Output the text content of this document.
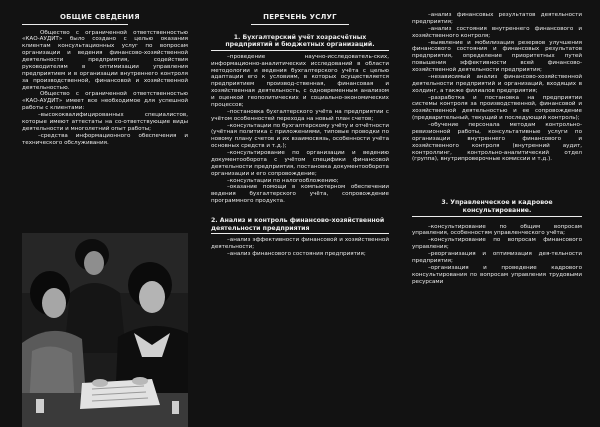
ОБЩИЕ СВЕДЕНИЯ

Общество с ограниченной ответственностью «КАО-АУДИТ» было создано с целью оказания клиентам консультационных услуг по вопросам организации и ведения финансово-хозяйственной деятельности предприятия, содействия руководителям в оптимизации управления предприятием и в организации внутреннего контроля за производственной, финансовой и хозяйственной деятельностью.

Общество с ограниченной ответственностью «КАО-АУДИТ» имеет все необходимое для успешной работы с клиентами:

–высококвалифицированных специалистов, которые имеют аттестаты на со-ответствующие виды деятельности и многолетний опыт работы;

–средства информационного обеспечения и технического обслуживания.

ПЕРЕЧЕНЬ УСЛУГ

1. Бухгалтерский учёт хозрасчётных предприятий и бюджетных организаций.

–проведение научно-исследователь-ских, информационно-аналитических исследований в области методологии и ведения бухгалтерского учёта с целью адаптации его к условиям, в которых осуществляется предприятием производ-ственная, финансовая и хозяйственная деятельность, с одновременным анализом и оценкой геополитических и социально-экономических процессов;

–постановка бухгалтерского учёта на предприятии с учётом особенностей перехода на новый план счетов;

–консультации по бухгалтерскому учёту и отчётности (учётная политика с приложениями, типовые проводки по новому плану счетов и их взаимосвязь, особенности учёта основных средств и т.д.);

–консультирование по организации и ведению документооборота с учётом специфики финансовой деятельности предприятия, постановка документооборота организации и его сопровождение;

–консультации по налогообложению;

–оказание помощи в компьютерном обеспечении ведения бухгалтерского учёта, сопровождение программного продукта.

2. Анализ и контроль финансово-хозяйственной деятельности предприятия

–анализ эффективности финансовой и хозяйственной деятельности;

–анализ финансового состояния предприятия;

–анализ финансовых результатов деятельности предприятия;

–анализ состояния внутреннего финансового и хозяйственного контроля;

–выявление и мобилизация резервов улучшения финансового состояния и финансовых результатов предприятия, определение приоритетных путей повышения эффективности всей финансово-хозяйственной деятельности предприятия;

–независимый анализ финансово-хозяйственной деятельности предприятий и организаций, входящих в холдинг, а также филиалов предприятия;

–разработка и постановка на предприятии системы контроля за производственной, финансовой и хозяйственной деятельностью и ее сопровождение (предварительный, текущий и последующий контроль);

–обучение персонала методам контрольно-ревизионной работы, консультативные услуги по организации внутреннего финансового и хозяйственного контроля (внутренний аудит, контроллинг, контрольно-аналитический отдел (группа), внутрипроверочные комиссии и т.д.).

3. Управленческое и кадровое консультирование.

–консультирование по общим вопросам управления, особенностям управленческого учёта;

–консультирование по вопросам финансового управления;

–реорганизация и оптимизация дея-тельности предприятия;

–организация и проведение кадрового консультирования по вопросам управления трудовыми ресурсами
